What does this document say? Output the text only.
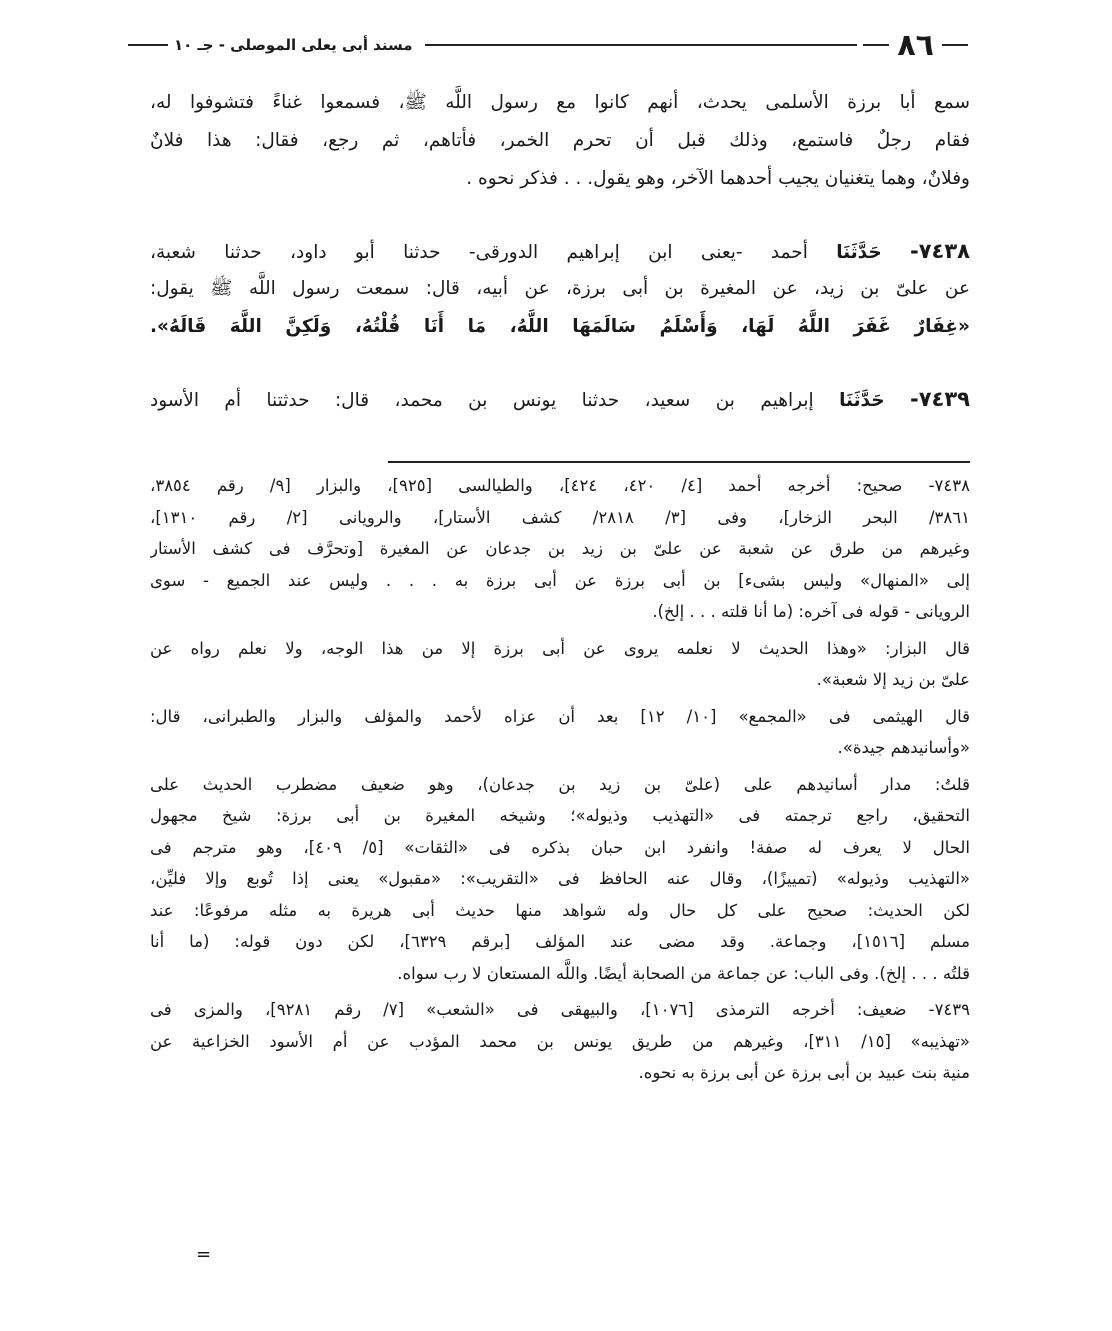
٨٦
مسند أبى يعلى الموصلى - جـ ١٠
سمع أبا برزة الأسلمى يحدث، أنهم كانوا مع رسول اللَّه ﷺ، فسمعوا غناءً فتشوفوا له،
فقام رجلٌ فاستمع، وذلك قبل أن تحرم الخمر، فأتاهم، ثم رجع، فقال: هذا فلانٌ
وفلانٌ، وهما يتغنيان يجيب أحدهما الآخر، وهو يقول. . . فذكر نحوه .
٧٤٣٨- حَدَّثَنَا أحمد -يعنى ابن إبراهيم الدورقى- حدثنا أبو داود، حدثنا شعبة،
عن علىّ بن زيد، عن المغيرة بن أبى برزة، عن أبيه، قال: سمعت رسول اللَّه ﷺ يقول:
«غِفَارٌ غَفَرَ اللَّهُ لَهَا، وَأَسْلَمُ سَالَمَهَا اللَّهُ، مَا أَنَا قُلْتُهُ، وَلَكِنَّ اللَّهَ قَالَهُ».
٧٤٣٩- حَدَّثَنَا إبراهيم بن سعيد، حدثنا يونس بن محمد، قال: حدثتنا أم الأسود
٧٤٣٨- صحيح: أخرجه أحمد [٤/ ٤٢٠، ٤٢٤]، والطيالسى [٩٢٥]، والبزار [٩/ رقم ٣٨٥٤،
٣٨٦١/ البحر الزخار]، وفى [٣/ ٢٨١٨/ كشف الأستار]، والرويانى [٢/ رقم ١٣١٠]،
وغيرهم من طرق عن شعبة عن علىّ بن زيد بن جدعان عن المغيرة [وتحرَّف فى كشف الأستار
إلى «المنهال» وليس بشىء] بن أبى برزة عن أبى برزة به . . . وليس عند الجميع - سوى
الرويانى - قوله فى آخره: (ما أنا قلته . . . إلخ).
قال البزار: «وهذا الحديث لا نعلمه يروى عن أبى برزة إلا من هذا الوجه، ولا نعلم رواه عن
علىّ بن زيد إلا شعبة».
قال الهيثمى فى «المجمع» [١٠/ ١٢] بعد أن عزاه لأحمد والمؤلف والبزار والطبرانى، قال:
«وأسانيدهم جيدة».
قلتُ: مدار أسانيدهم على (علىّ بن زيد بن جدعان)، وهو ضعيف مضطرب الحديث على
التحقيق، راجع ترجمته فى «التهذيب وذيوله»؛ وشيخه المغيرة بن أبى برزة: شيخ مجهول
الحال لا يعرف له صفة! وانفرد ابن حبان بذكره فى «الثقات» [٥/ ٤٠٩]، وهو مترجم فى
«التهذيب وذيوله» (تمييزًا)، وقال عنه الحافظ فى «التقريب»: «مقبول» يعنى إذا تُوبع وإلا فليِّن،
لكن الحديث: صحيح على كل حال وله شواهد منها حديث أبى هريرة به مثله مرفوعًا: عند
مسلم [١٥١٦]، وجماعة. وقد مضى عند المؤلف [برقم ٦٣٢٩]، لكن دون قوله: (ما أنا
قلتُه . . . إلخ). وفى الباب: عن جماعة من الصحابة أيضًا. واللَّه المستعان لا رب سواه.
٧٤٣٩- ضعيف: أخرجه الترمذى [١٠٧٦]، والبيهقى فى «الشعب» [٧/ رقم ٩٢٨١]، والمزى فى
«تهذيبه» [١٥/ ٣١١]، وغيرهم من طريق يونس بن محمد المؤدب عن أم الأسود الخزاعية عن
منية بنت عبيد بن أبى برزة عن أبى برزة به نحوه.
=
